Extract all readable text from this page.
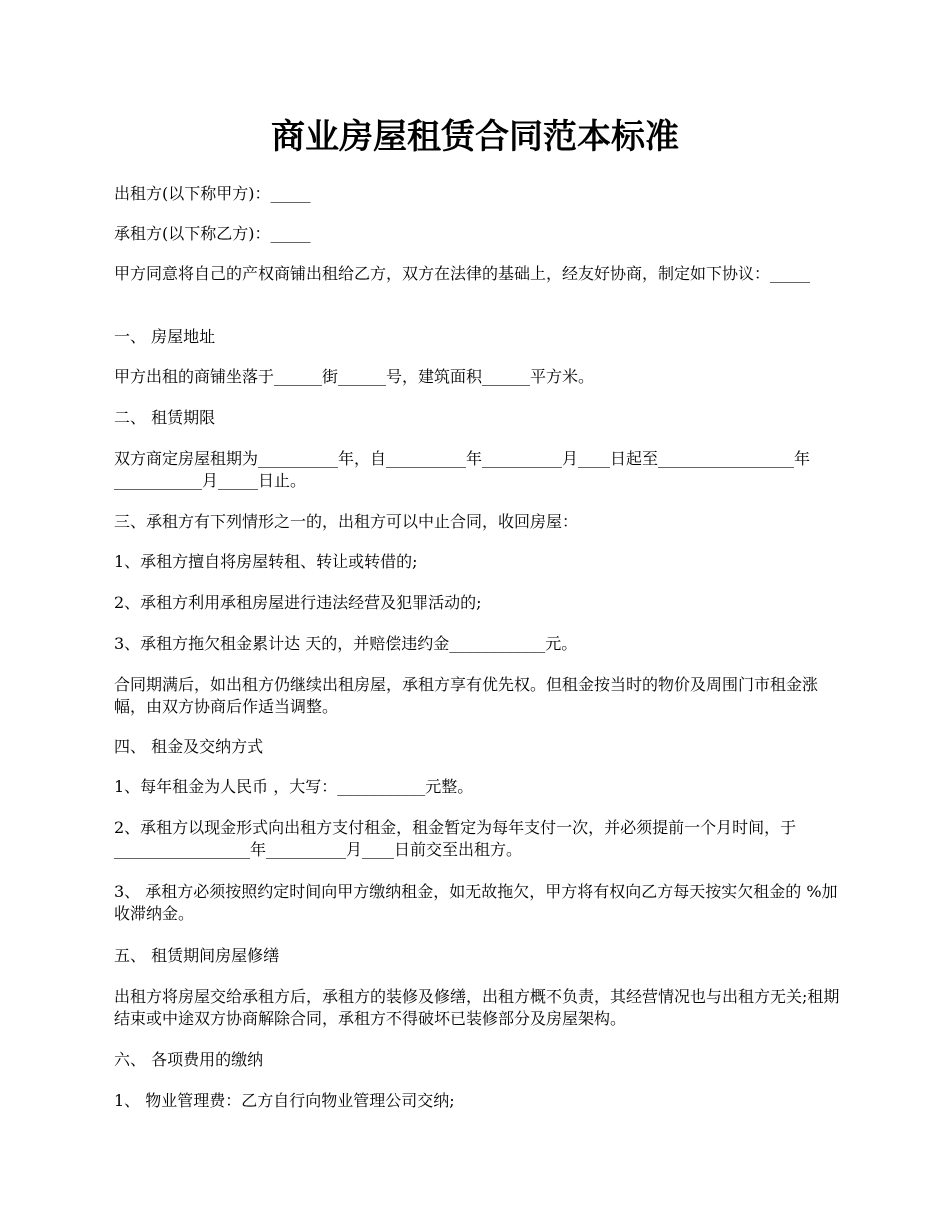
商业房屋租赁合同范本标准

出租方(以下称甲方)：_____

承租方(以下称乙方)：_____

甲方同意将自己的产权商铺出租给乙方，双方在法律的基础上，经友好协商，制定如下协议：_____

一、 房屋地址

甲方出租的商铺坐落于______街______号，建筑面积______平方米。

二、 租赁期限

双方商定房屋租期为__________年，自__________年__________月____日起至_________________年___________月_____日止。

三、承租方有下列情形之一的，出租方可以中止合同，收回房屋：

1、承租方擅自将房屋转租、转让或转借的;

2、承租方利用承租房屋进行违法经营及犯罪活动的;

3、承租方拖欠租金累计达 天的，并赔偿违约金____________元。

合同期满后，如出租方仍继续出租房屋，承租方享有优先权。但租金按当时的物价及周围门市租金涨幅，由双方协商后作适当调整。

四、 租金及交纳方式

1、每年租金为人民币 ，大写：___________元整。

2、承租方以现金形式向出租方支付租金，租金暂定为每年支付一次，并必须提前一个月时间，于_________________年__________月____日前交至出租方。

3、 承租方必须按照约定时间向甲方缴纳租金，如无故拖欠，甲方将有权向乙方每天按实欠租金的 %加收滞纳金。

五、 租赁期间房屋修缮

出租方将房屋交给承租方后，承租方的装修及修缮，出租方概不负责，其经营情况也与出租方无关;租期结束或中途双方协商解除合同，承租方不得破坏已装修部分及房屋架构。

六、 各项费用的缴纳

1、 物业管理费：乙方自行向物业管理公司交纳;
